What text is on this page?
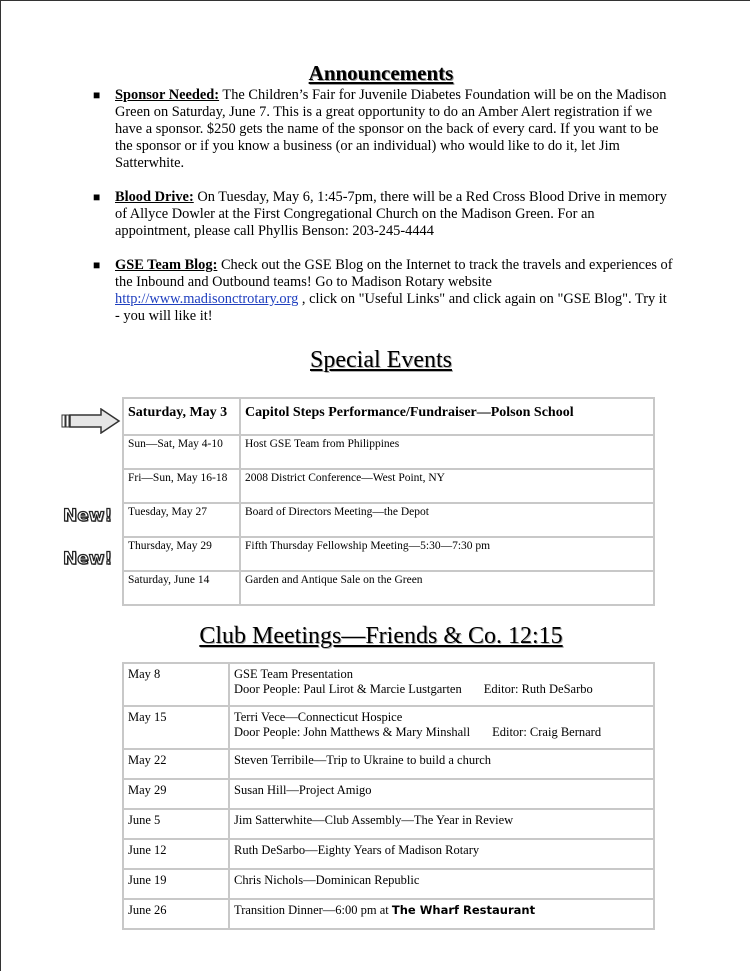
Announcements
■ Sponsor Needed: The Children’s Fair for Juvenile Diabetes Foundation will be on the Madison Green on Saturday, June 7. This is a great opportunity to do an Amber Alert registration if we have a sponsor. $250 gets the name of the sponsor on the back of every card. If you want to be the sponsor or if you know a business (or an individual) who would like to do it, let Jim Satterwhite.
■ Blood Drive: On Tuesday, May 6, 1:45-7pm, there will be a Red Cross Blood Drive in memory of Allyce Dowler at the First Congregational Church on the Madison Green. For an appointment, please call Phyllis Benson: 203-245-4444
■ GSE Team Blog: Check out the GSE Blog on the Internet to track the travels and experiences of the Inbound and Outbound teams! Go to Madison Rotary website http://www.madisonctrotary.org , click on "Useful Links" and click again on "GSE Blog". Try it - you will like it!
Special Events
New!
New!
Saturday, May 3	Capitol Steps Performance/Fundraiser—Polson School
Sun—Sat, May 4-10	Host GSE Team from Philippines
Fri—Sun, May 16-18	2008 District Conference—West Point, NY
Tuesday, May 27	Board of Directors Meeting—the Depot
Thursday, May 29	Fifth Thursday Fellowship Meeting—5:30—7:30 pm
Saturday, June 14	Garden and Antique Sale on the Green
Club Meetings—Friends & Co. 12:15
May 8	GSE Team Presentation
Door People: Paul Lirot & Marcie Lustgarten Editor: Ruth DeSarbo
May 15	Terri Vece—Connecticut Hospice
Door People: John Matthews & Mary Minshall Editor: Craig Bernard
May 22	Steven Terribile—Trip to Ukraine to build a church
May 29	Susan Hill—Project Amigo
June 5	Jim Satterwhite—Club Assembly—The Year in Review
June 12	Ruth DeSarbo—Eighty Years of Madison Rotary
June 19	Chris Nichols—Dominican Republic
June 26	Transition Dinner—6:00 pm at The Wharf Restaurant
